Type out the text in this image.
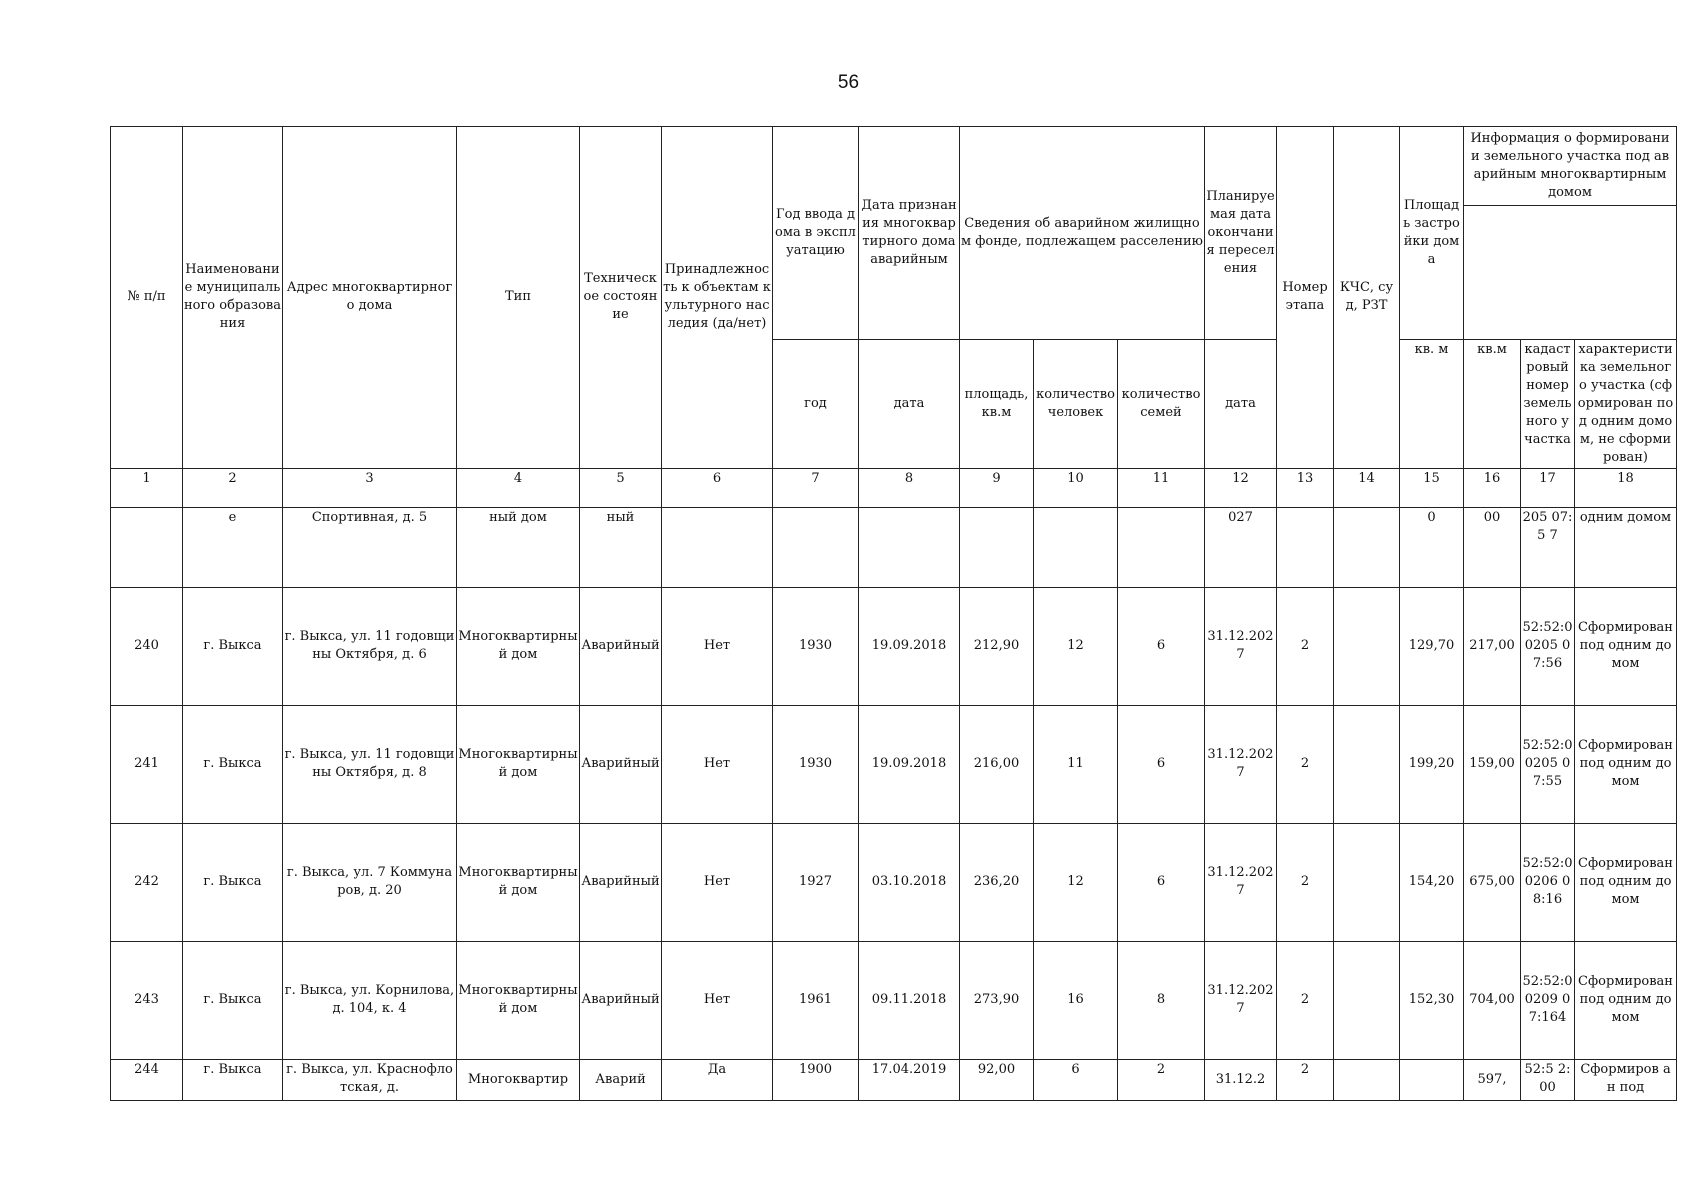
56
№ п/п	Наименование муниципального образования	Адрес многоквартирного дома	Тип	Техническое состояние	Принадлежность к объектам культурного наследия (да/нет)	Год ввода дома в эксплуатацию	Дата признания многоквартирного дома аварийным	Сведения об аварийном жилищном фонде, подлежащем расселению			Планируемая дата окончания переселения	Номер этапа	КЧС, суд, РЗТ	Площадь застройки дома	Информация о формировании земельного участка под аварийным многоквартирным домом		

						год	дата	площадь, кв.м	количество человек	количество семей	дата			кв. м	кв.м	кадастровый номер земельного участка	характеристика земельного участка (сформирован под одним домом, не сформирован)
1	2	3	4	5	6	7	8	9	10	11	12	13	14	15	16	17	18
	е	Спортивная, д. 5	ный дом	ный							027			0	00	205 07:5 7	одним домом
240	г. Выкса	г. Выкса, ул. 11 годовщины Октября, д. 6	Многоквартирный дом	Аварийный	Нет	1930	19.09.2018	212,90	12	6	31.12.2027	2		129,70	217,00	52:52:00205 07:56	Сформирован под одним домом
241	г. Выкса	г. Выкса, ул. 11 годовщины Октября, д. 8	Многоквартирный дом	Аварийный	Нет	1930	19.09.2018	216,00	11	6	31.12.2027	2		199,20	159,00	52:52:00205 07:55	Сформирован под одним домом
242	г. Выкса	г. Выкса, ул. 7 Коммунаров, д. 20	Многоквартирный дом	Аварийный	Нет	1927	03.10.2018	236,20	12	6	31.12.2027	2		154,20	675,00	52:52:00206 08:16	Сформирован под одним домом
243	г. Выкса	г. Выкса, ул. Корнилова, д. 104, к. 4	Многоквартирный дом	Аварийный	Нет	1961	09.11.2018	273,90	16	8	31.12.2027	2		152,30	704,00	52:52:00209 07:164	Сформирован под одним домом
244	г. Выкса	г. Выкса, ул. Краснофлотская, д.	Многоквартир	Аварий	Да	1900	17.04.2019	92,00	6	2	31.12.2	2			597,	52:5 2:00	Сформиров ан под
